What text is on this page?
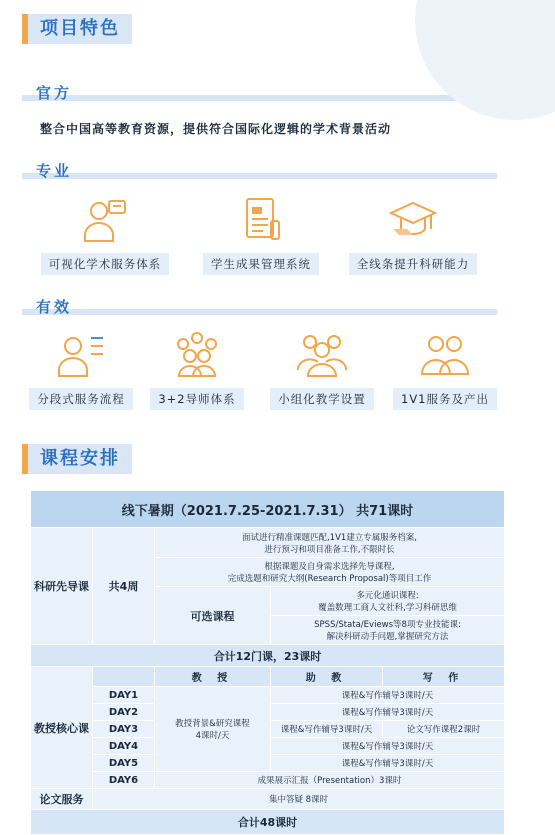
项目特色
官方
整合中国高等教育资源，提供符合国际化逻辑的学术背景活动
专业
可视化学术服务体系	学生成果管理系统	全线条提升科研能力
有效
分段式服务流程	3+2导师体系	小组化教学设置	1V1服务及产出
课程安排
线下暑期（2021.7.25-2021.7.31） 共71课时				
科研先导课	共4周	面试进行精准课题匹配,1V1建立专属服务档案,
进行预习和项目准备工作,不限时长		
		根据课题及自身需求选择先导课程,
完成选题和研究大纲(Research Proposal)等项目工作		
		可选课程	多元化通识课程:
覆盖数理工商人文社科,学习科研思维	
			SPSS/Stata/Eviews等8项专业技能课:
解决科研动手问题,掌握研究方法	
合计12门课，23课时				
教授核心课		教 授	助 教	写 作
	DAY1	教授背景&研究课程
4课时/天	课程&写作辅导3课时/天	
	DAY2		课程&写作辅导3课时/天	
	DAY3		课程&写作辅导3课时/天	论文写作课程2课时
	DAY4		课程&写作辅导3课时/天	
	DAY5		课程&写作辅导3课时/天	
	DAY6	成果展示汇报（Presentation）3课时		
论文服务	集中答疑 8课时			
合计48课时				
